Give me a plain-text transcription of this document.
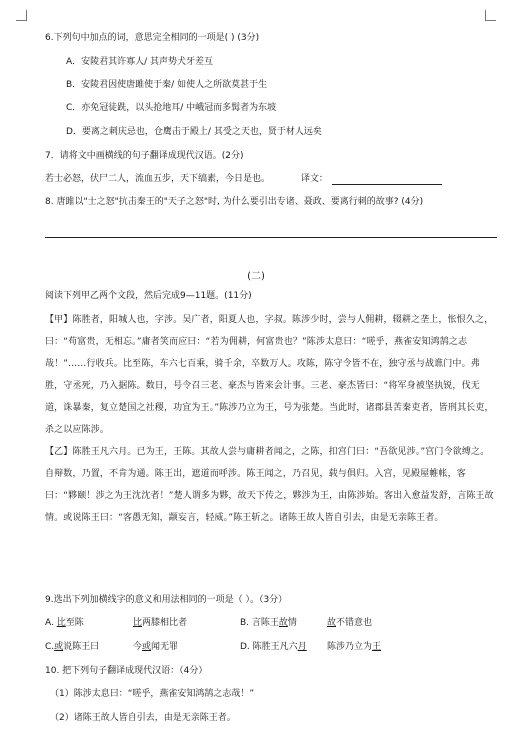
6.下列句中加点的词，意思完全相同的一项是( ) (3分)
A．安陵君其许寡人/ 其声势犬牙差互
B．安陵君因使唐雎使于秦/ 如使人之所欲莫甚于生
C．亦免冠徒跣，以头抢地耳/ 中峨冠而多髯者为东坡
D．要离之刺庆忌也，仓鹰击于殿上/ 其受之天也，贤于材人远矣
7．请将文中画横线的句子翻译成现代汉语。(2分)
若士必怒，伏尸二人，流血五步，天下缟素，今日是也。	译文：
8. 唐雎以"士之怒"抗击秦王的"天子之怒"时, 为什么要引出专诸、聂政、要离行刺的故事? (4分)
(二)
阅读下列甲乙两个文段，然后完成9—11题。(11分)
【甲】陈胜者，阳城人也，字涉。吴广者，阳夏人也，字叔。陈涉少时，尝与人佣耕，辍耕之垄上，怅恨久之，曰：“苟富贵，无相忘。”庸者笑而应曰：“若为佣耕，何富贵也？”陈涉太息曰：“嗟乎，燕雀安知鸿鹄之志哉！”……行收兵。比至陈，车六七百乘，骑千余，卒数万人。攻陈，陈守令皆不在，独守丞与战谯门中。弗胜，守丞死，乃入据陈。数日，号令召三老、豪杰与皆来会计事。三老、豪杰皆曰：“将军身被坚执锐，伐无道，诛暴秦，复立楚国之社稷，功宜为王。”陈涉乃立为王，号为张楚。当此时，诸郡县苦秦吏者，皆刑其长吏，杀之以应陈涉。
【乙】陈胜王凡六月。已为王，王陈。其故人尝与庸耕者闻之，之陈，扣宫门曰：“吾欲见涉。”宫门令欲缚之。自辩数，乃置，不肯为通。陈王出，遮道而呼涉。陈王闻之，乃召见，载与俱归。入宫，见殿屋帷帐，客曰：“夥颐！涉之为王沈沈者！”楚人谓多为夥，故天下传之，夥涉为王，由陈涉始。客出入愈益发舒，言陈王故情。或说陈王曰：“客愚无知，颛妄言，轻威。”陈王斩之。诸陈王故人皆自引去，由是无亲陈王者。
9.选出下列加横线字的意义和用法相同的一项是（ ）。（3分）
A. 比至陈	比两膝相比者	B. 言陈王故情	故不错意也
C.或说陈王曰	今或闻无罪	D. 陈胜王凡六月 陈涉乃立为王
10. 把下列句子翻译成现代汉语：（4分）
（1）陈涉太息曰：“嗟乎，燕雀安知鸿鹄之志哉！”
（2）诸陈王故人皆自引去，由是无亲陈王者。
